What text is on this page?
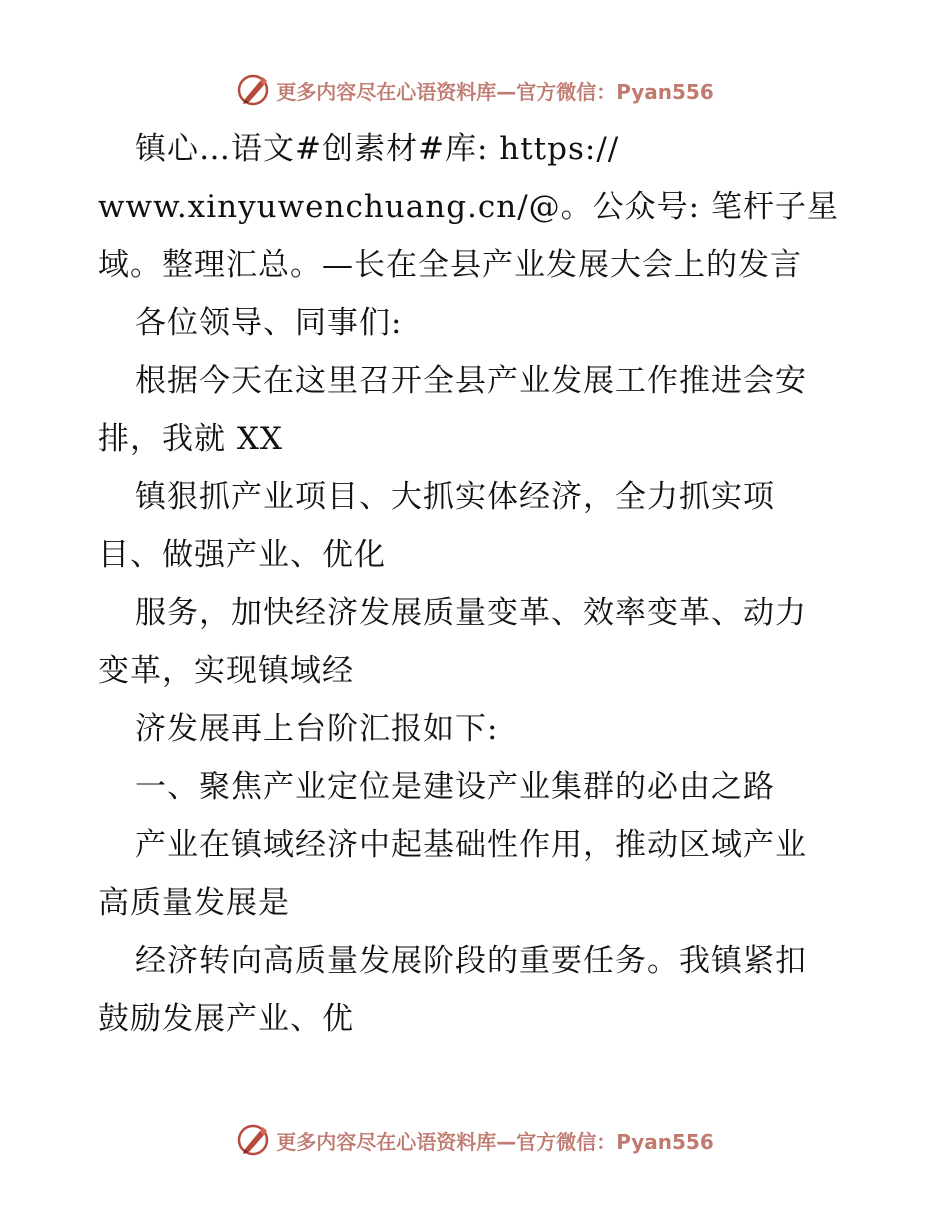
更多内容尽在心语资料库—官方微信：Pyan556
镇心…语文#创素材#库: https://
www.xinyuwenchuang.cn/@。公众号: 笔杆子星
域。整理汇总。—长在全县产业发展大会上的发言
各位领导、同事们:
根据今天在这里召开全县产业发展工作推进会安
排，我就 XX
镇狠抓产业项目、大抓实体经济，全力抓实项
目、做强产业、优化
服务，加快经济发展质量变革、效率变革、动力
变革，实现镇域经
济发展再上台阶汇报如下:
一、聚焦产业定位是建设产业集群的必由之路
产业在镇域经济中起基础性作用，推动区域产业
高质量发展是
经济转向高质量发展阶段的重要任务。我镇紧扣
鼓励发展产业、优
更多内容尽在心语资料库—官方微信：Pyan556
